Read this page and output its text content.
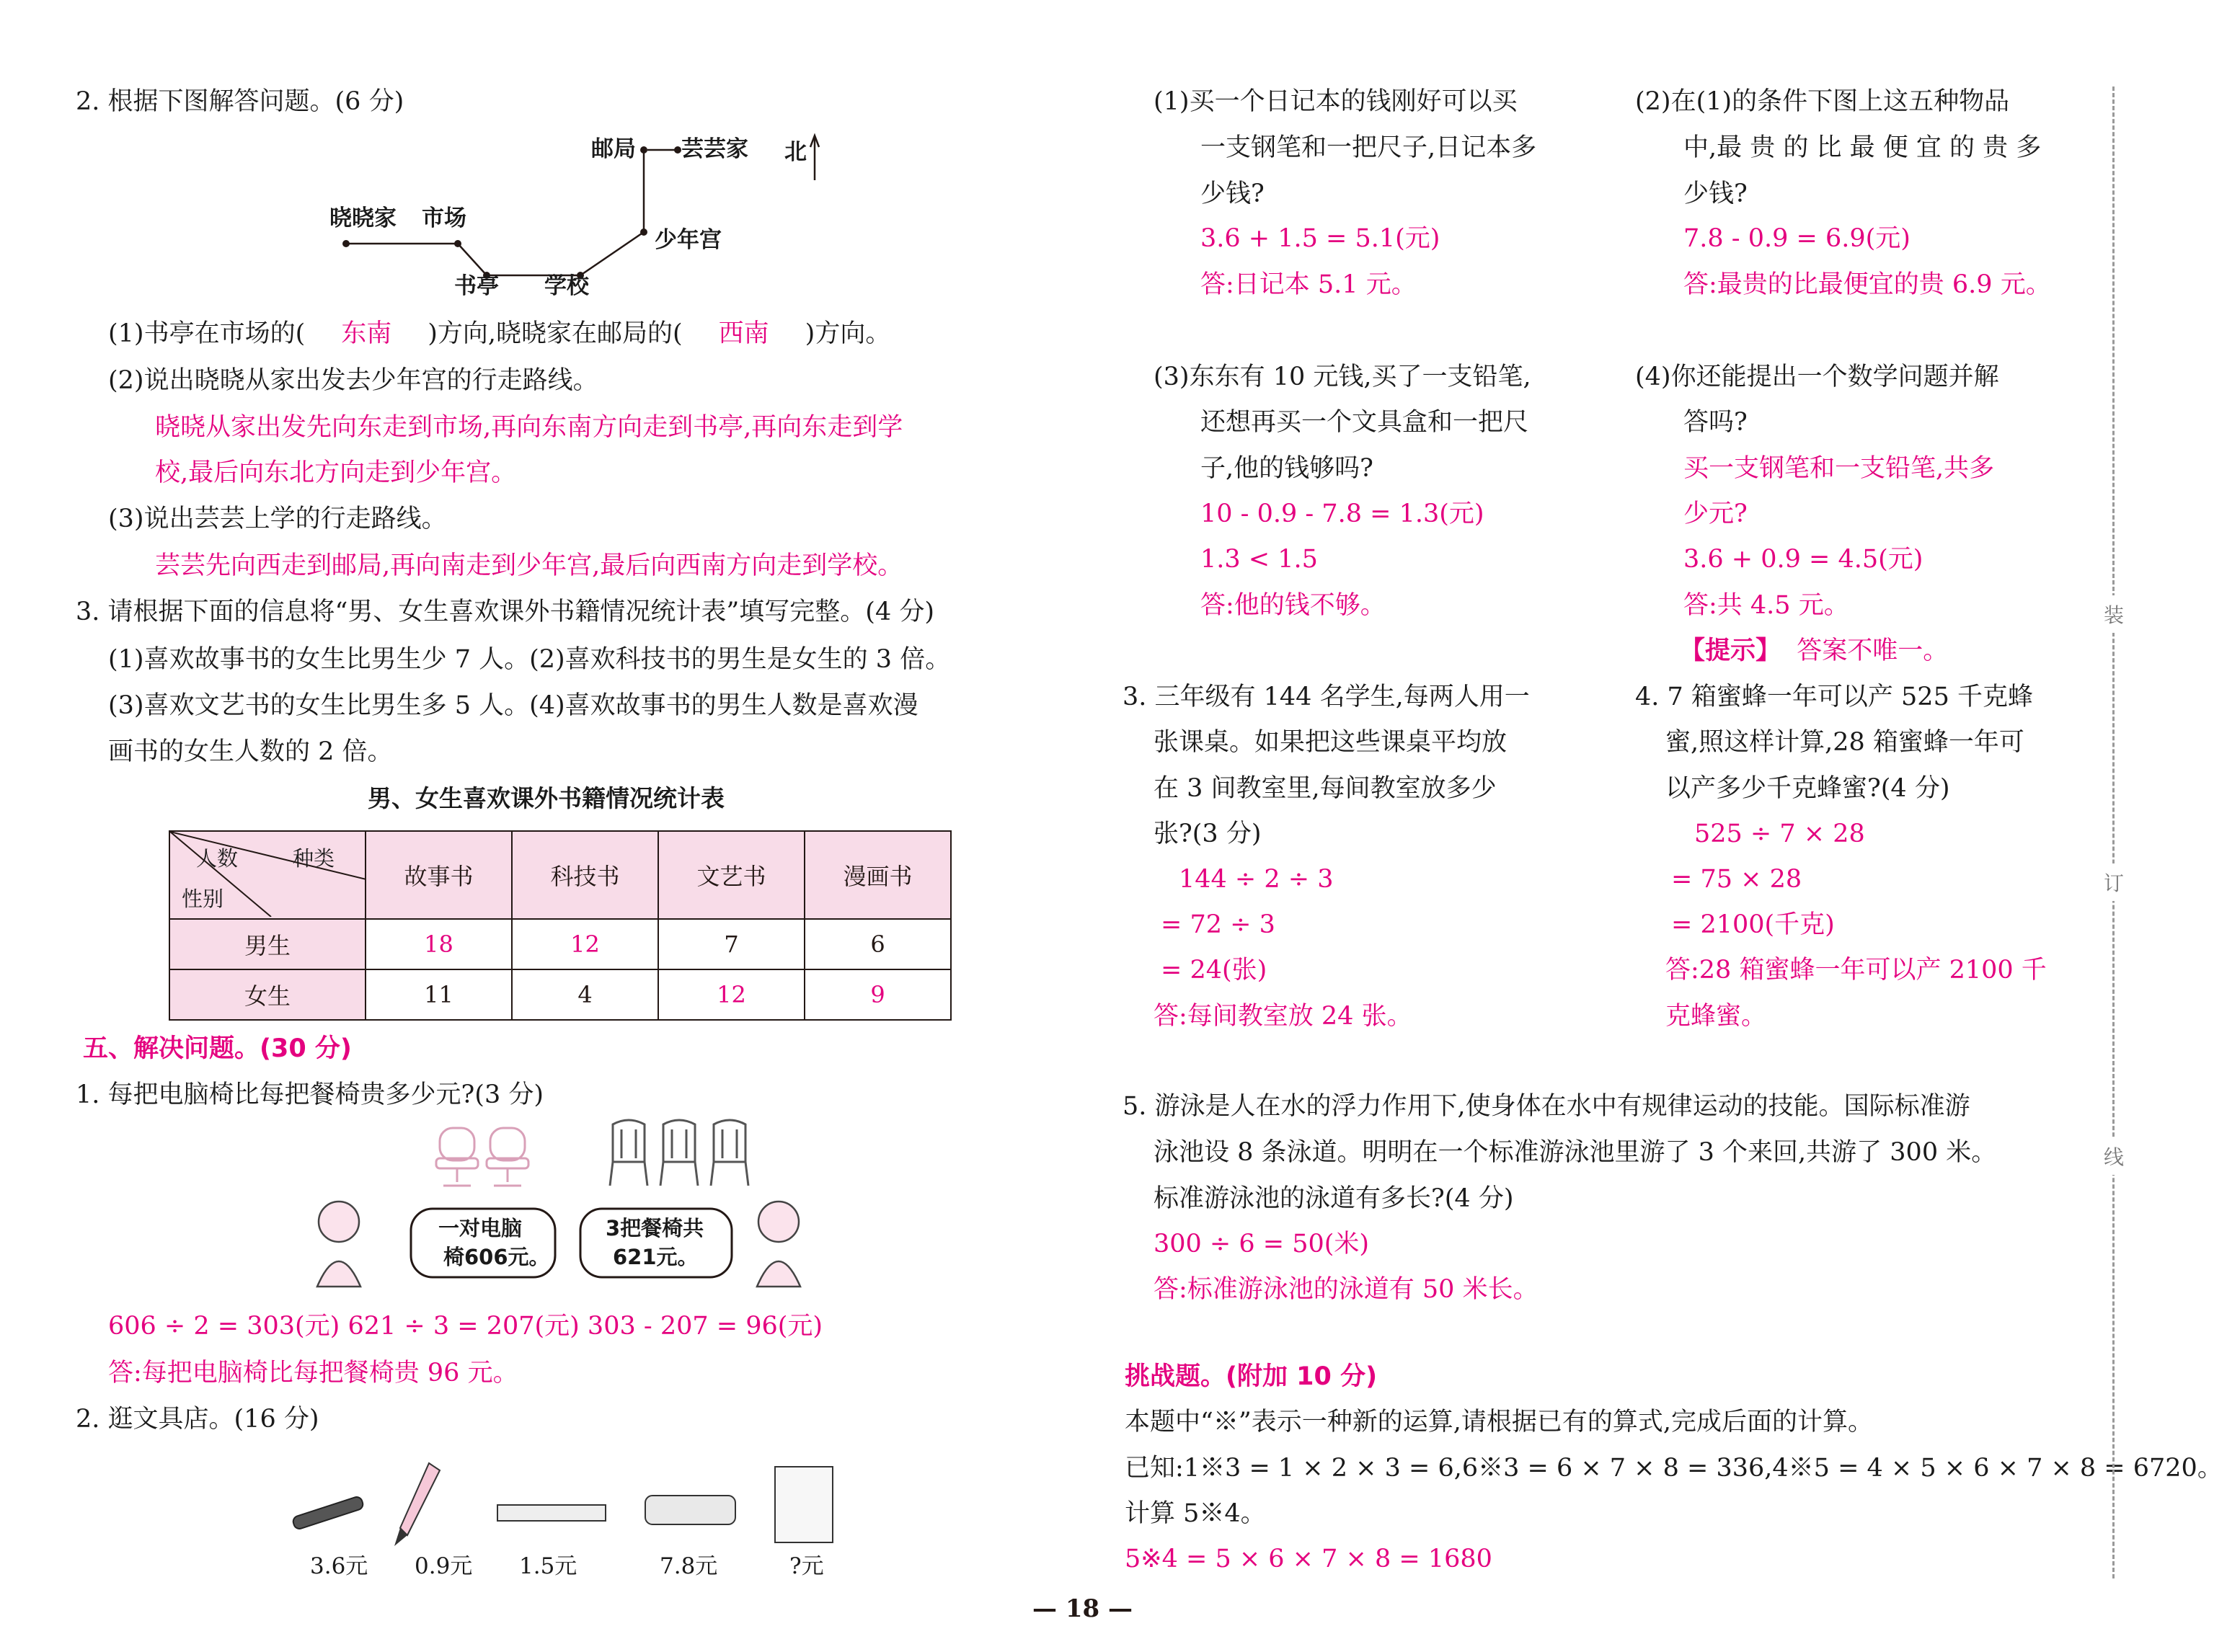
2. 根据下图解答问题。(6 分)
邮局 芸芸家 北
晓晓家 市场
少年宫
书亭 学校
(1)书亭在市场的( 东南 )方向,晓晓家在邮局的( 西南 )方向。
(2)说出晓晓从家出发去少年宫的行走路线。
晓晓从家出发先向东走到市场,再向东南方向走到书亭,再向东走到学
校,最后向东北方向走到少年宫。
(3)说出芸芸上学的行走路线。
芸芸先向西走到邮局,再向南走到少年宫,最后向西南方向走到学校。
3. 请根据下面的信息将“男、女生喜欢课外书籍情况统计表”填写完整。(4 分)
(1)喜欢故事书的女生比男生少 7 人。(2)喜欢科技书的男生是女生的 3 倍。
(3)喜欢文艺书的女生比男生多 5 人。(4)喜欢故事书的男生人数是喜欢漫
画书的女生人数的 2 倍。
男、女生喜欢课外书籍情况统计表
人数 种类
性别	故事书	科技书	文艺书	漫画书
男生	18	12	7	6
女生	11	4	12	9
五、解决问题。(30 分)
1. 每把电脑椅比每把餐椅贵多少元?(3 分)
一对电脑
椅606元。
3把餐椅共
621元。
606 ÷ 2 = 303(元) 621 ÷ 3 = 207(元) 303 - 207 = 96(元)
答:每把电脑椅比每把餐椅贵 96 元。
2. 逛文具店。(16 分)
3.6元 0.9元 1.5元	7.8元	?元
(1)买一个日记本的钱刚好可以买
一支钢笔和一把尺子,日记本多
少钱?
3.6 + 1.5 = 5.1(元)
答:日记本 5.1 元。
(2)在(1)的条件下图上这五种物品
中,最 贵 的 比 最 便 宜 的 贵 多
少钱?
7.8 - 0.9 = 6.9(元)
答:最贵的比最便宜的贵 6.9 元。
(3)东东有 10 元钱,买了一支铅笔,
还想再买一个文具盒和一把尺
子,他的钱够吗?
10 - 0.9 - 7.8 = 1.3(元)
1.3 < 1.5
答:他的钱不够。
(4)你还能提出一个数学问题并解
答吗?
买一支钢笔和一支铅笔,共多
少元?
3.6 + 0.9 = 4.5(元)
答:共 4.5 元。
【提示】 答案不唯一。
3. 三年级有 144 名学生,每两人用一
张课桌。如果把这些课桌平均放
在 3 间教室里,每间教室放多少
张?(3 分)
144 ÷ 2 ÷ 3
= 72 ÷ 3
= 24(张)
答:每间教室放 24 张。
4. 7 箱蜜蜂一年可以产 525 千克蜂
蜜,照这样计算,28 箱蜜蜂一年可
以产多少千克蜂蜜?(4 分)
525 ÷ 7 × 28
= 75 × 28
= 2100(千克)
答:28 箱蜜蜂一年可以产 2100 千
克蜂蜜。
5. 游泳是人在水的浮力作用下,使身体在水中有规律运动的技能。国际标准游
泳池设 8 条泳道。明明在一个标准游泳池里游了 3 个来回,共游了 300 米。
标准游泳池的泳道有多长?(4 分)
300 ÷ 6 = 50(米)
答:标准游泳池的泳道有 50 米长。
挑战题。(附加 10 分)
本题中“※”表示一种新的运算,请根据已有的算式,完成后面的计算。
已知:1※3 = 1 × 2 × 3 = 6,6※3 = 6 × 7 × 8 = 336,4※5 = 4 × 5 × 6 × 7 × 8 = 6720。
计算 5※4。
5※4 = 5 × 6 × 7 × 8 = 1680
装
订
线
— 18 —
